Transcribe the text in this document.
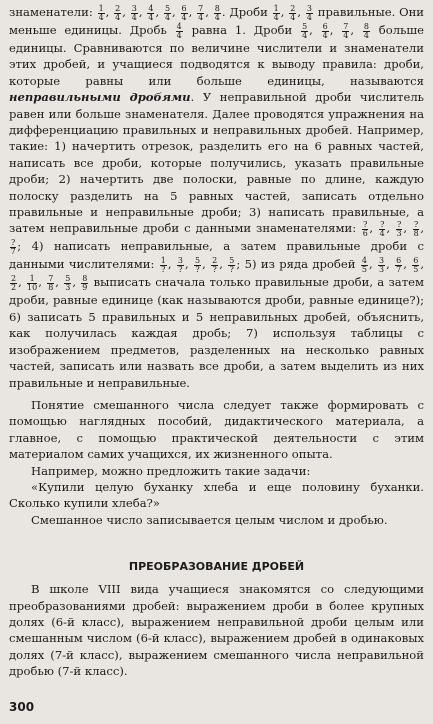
знаменатели: $\frac{1}{4}$ , $\frac{2}{4}$ , $\frac{3}{4}$ , $\frac{4}{4}$ , $\frac{5}{4}$ , $\frac{6}{4}$ , $\frac{7}{4}$ , $\frac{8}{4}$ . Дроби $\frac{1}{4}$ , $\frac{2}{4}$ , $\frac{3}{4}$ правильные. Они меньше единицы. Дробь $\frac{4}{4}$ равна 1. Дроби $\frac{5}{4}$ , $\frac{6}{4}$ , $\frac{7}{4}$ , $\frac{8}{4}$ больше единицы. Сравниваются по величине числители и знаменатели этих дробей, и учащиеся подводятся к выводу правила: дроби, которые равны или больше единицы, называются неправильными дробями. У неправильной дроби числитель равен или больше знаменателя. Далее проводятся упражнения на дифференциацию правильных и неправильных дробей. Например, такие: 1) начертить отрезок, разделить его на 6 равных частей, написать все дроби, которые получились, указать правильные дроби; 2) начертить две полоски, равные по длине, каждую полоску разделить на 5 равных частей, записать отдельно правильные и неправильные дроби; 3) написать правильные, а затем неправильные дроби с данными знаменателями: $\frac{?}{6}$ , $\frac{?}{4}$ , $\frac{?}{3}$ , $\frac{?}{8}$ ,
$\frac{?}{7}$ ; 4) написать неправильные, а затем правильные дроби с данными числителями: $\frac{1}{?}$ , $\frac{3}{?}$ , $\frac{5}{?}$ , $\frac{2}{?}$ , $\frac{5}{?}$ ; 5) из ряда дробей $\frac{4}{5}$ , $\frac{3}{3}$ , $\frac{6}{7}$ , $\frac{6}{5}$ ,
$\frac{2}{2}$ , $\frac{1}{10}$ , $\frac{7}{8}$ , $\frac{5}{3}$ , $\frac{8}{9}$ выписать сначала только правильные дроби, а затем дроби, равные единице (как называются дроби, равные единице?); 6) записать 5 правильных и 5 неправильных дробей, объяснить, как получилась каждая дробь; 7) используя таблицы с изображением предметов, разделенных на несколько равных частей, записать или назвать все дроби, а затем выделить из них правильные и неправильные.

Понятие смешанного числа следует также формировать с помощью наглядных пособий, дидактического материала, а главное, с помощью практической деятельности с этим материалом самих учащихся, их жизненного опыта.

Например, можно предложить такие задачи:

«Купили целую буханку хлеба и еще половину буханки. Сколько купили хлеба?»

Смешанное число записывается целым числом и дробью.

ПРЕОБРАЗОВАНИЕ ДРОБЕЙ

В школе VIII вида учащиеся знакомятся со следующими преобразованиями дробей: выражением дроби в более крупных долях (6-й класс), выражением неправильной дроби целым или смешанным числом (6-й класс), выражением дробей в одинаковых долях (7-й класс), выражением смешанного числа неправильной дробью (7-й класс).

300
